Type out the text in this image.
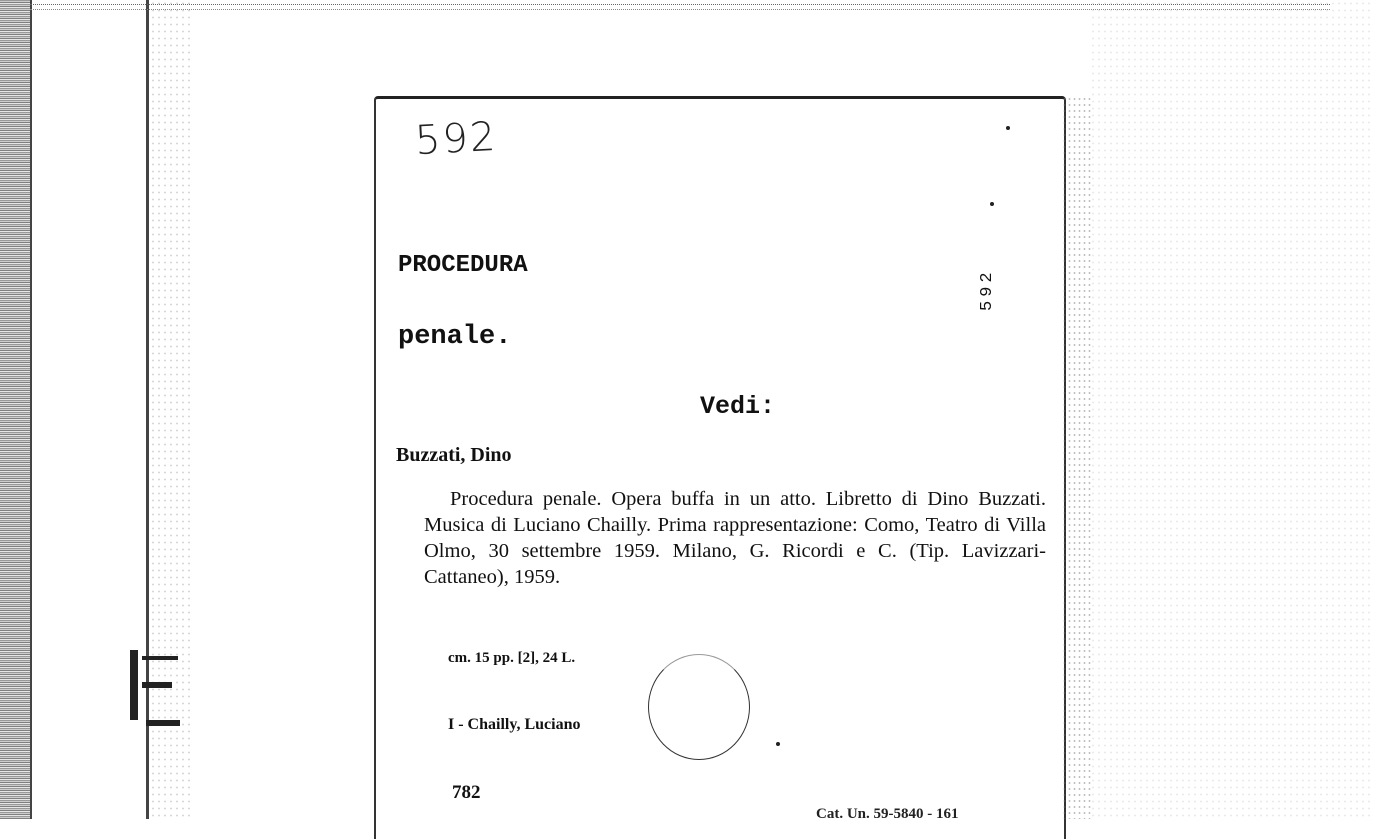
592
592
PROCEDURA
penale.
Vedi:
Buzzati, Dino
Procedura penale. Opera buffa in un atto. Libretto di Dino Buzzati. Musica di Luciano Chailly. Prima rappresentazione: Como, Teatro di Villa Olmo, 30 settembre 1959. Milano, G. Ricordi e C. (Tip. Lavizzari-Cattaneo), 1959.
cm. 15 pp. [2], 24 L.
I - Chailly, Luciano
782
Cat. Un. 59-5840 - 161
